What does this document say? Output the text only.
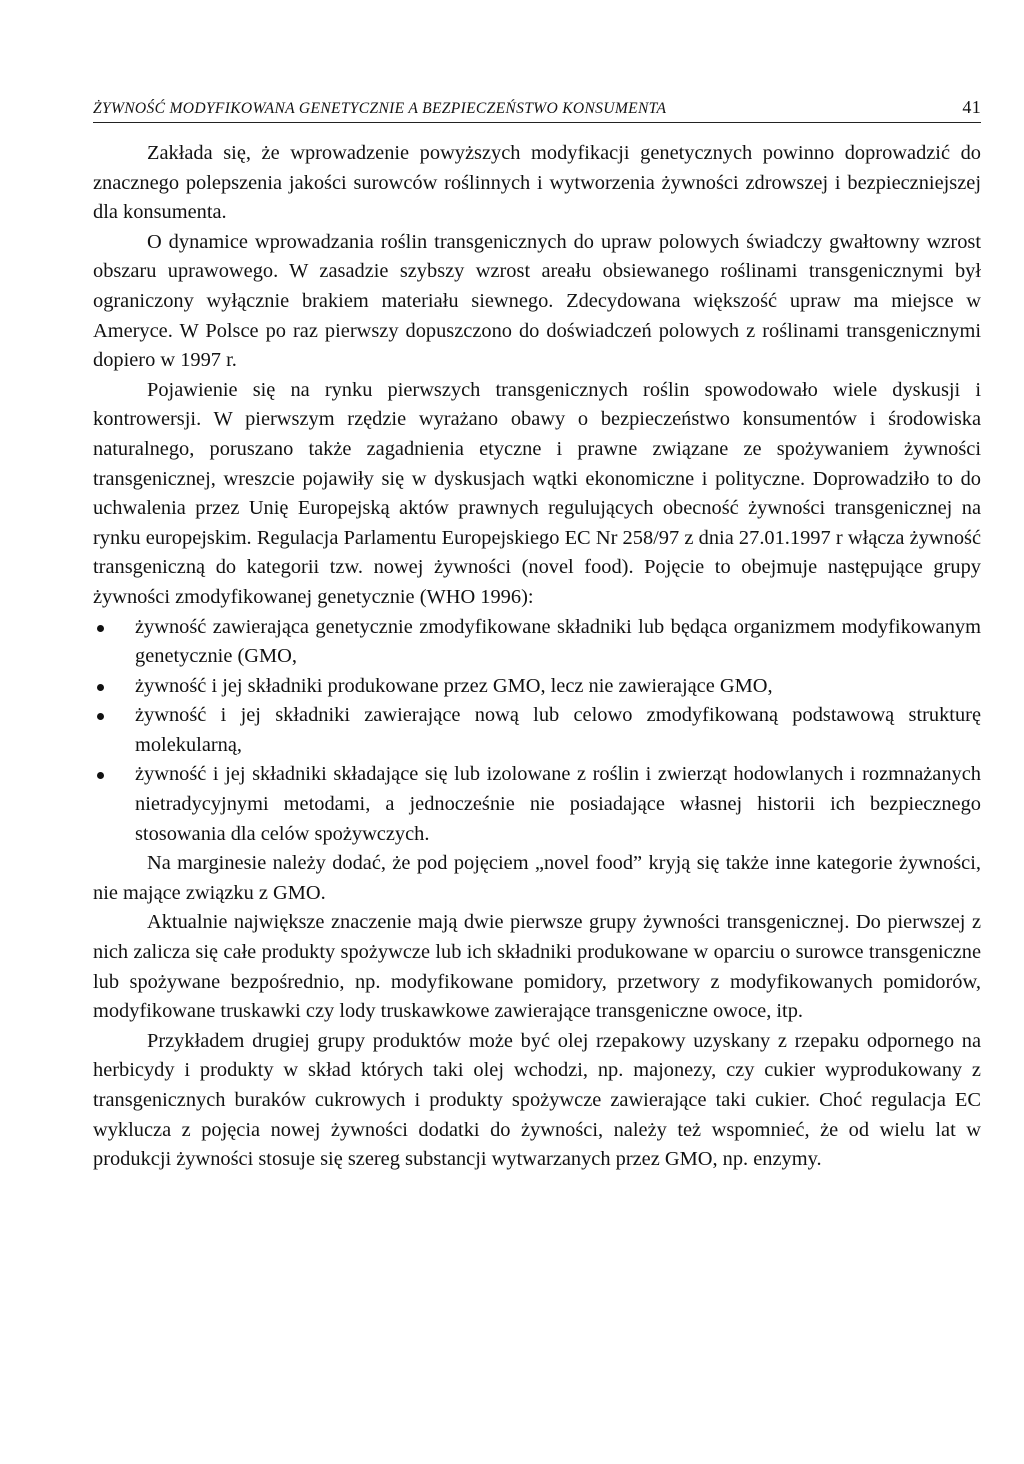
ŻYWNOŚĆ MODYFIKOWANA GENETYCZNIE A BEZPIECZEŃSTWO KONSUMENTA	41

Zakłada się, że wprowadzenie powyższych modyfikacji genetycznych powinno doprowadzić do znacznego polepszenia jakości surowców roślinnych i wytworzenia żywności zdrowszej i bezpieczniejszej dla konsumenta.

O dynamice wprowadzania roślin transgenicznych do upraw polowych świadczy gwałtowny wzrost obszaru uprawowego. W zasadzie szybszy wzrost areału obsiewanego roślinami transgenicznymi był ograniczony wyłącznie brakiem materiału siewnego. Zdecydowana większość upraw ma miejsce w Ameryce. W Polsce po raz pierwszy dopuszczono do doświadczeń polowych z roślinami transgenicznymi dopiero w 1997 r.

Pojawienie się na rynku pierwszych transgenicznych roślin spowodowało wiele dyskusji i kontrowersji. W pierwszym rzędzie wyrażano obawy o bezpieczeństwo konsumentów i środowiska naturalnego, poruszano także zagadnienia etyczne i prawne związane ze spożywaniem żywności transgenicznej, wreszcie pojawiły się w dyskusjach wątki ekonomiczne i polityczne. Doprowadziło to do uchwalenia przez Unię Europejską aktów prawnych regulujących obecność żywności transgenicznej na rynku europejskim. Regulacja Parlamentu Europejskiego EC Nr 258/97 z dnia 27.01.1997 r włącza żywność transgeniczną do kategorii tzw. nowej żywności (novel food). Pojęcie to obejmuje następujące grupy żywności zmodyfikowanej genetycznie (WHO 1996):

żywność zawierająca genetycznie zmodyfikowane składniki lub będąca organizmem modyfikowanym genetycznie (GMO,
żywność i jej składniki produkowane przez GMO, lecz nie zawierające GMO,
żywność i jej składniki zawierające nową lub celowo zmodyfikowaną podstawową strukturę molekularną,
żywność i jej składniki składające się lub izolowane z roślin i zwierząt hodowlanych i rozmnażanych nietradycyjnymi metodami, a jednocześnie nie posiadające własnej historii ich bezpiecznego stosowania dla celów spożywczych.

Na marginesie należy dodać, że pod pojęciem „novel food” kryją się także inne kategorie żywności, nie mające związku z GMO.

Aktualnie największe znaczenie mają dwie pierwsze grupy żywności transgenicznej. Do pierwszej z nich zalicza się całe produkty spożywcze lub ich składniki produkowane w oparciu o surowce transgeniczne lub spożywane bezpośrednio, np. modyfikowane pomidory, przetwory z modyfikowanych pomidorów, modyfikowane truskawki czy lody truskawkowe zawierające transgeniczne owoce, itp.

Przykładem drugiej grupy produktów może być olej rzepakowy uzyskany z rzepaku odpornego na herbicydy i produkty w skład których taki olej wchodzi, np. majonezy, czy cukier wyprodukowany z transgenicznych buraków cukrowych i produkty spożywcze zawierające taki cukier. Choć regulacja EC wyklucza z pojęcia nowej żywności dodatki do żywności, należy też wspomnieć, że od wielu lat w produkcji żywności stosuje się szereg substancji wytwarzanych przez GMO, np. enzymy.
